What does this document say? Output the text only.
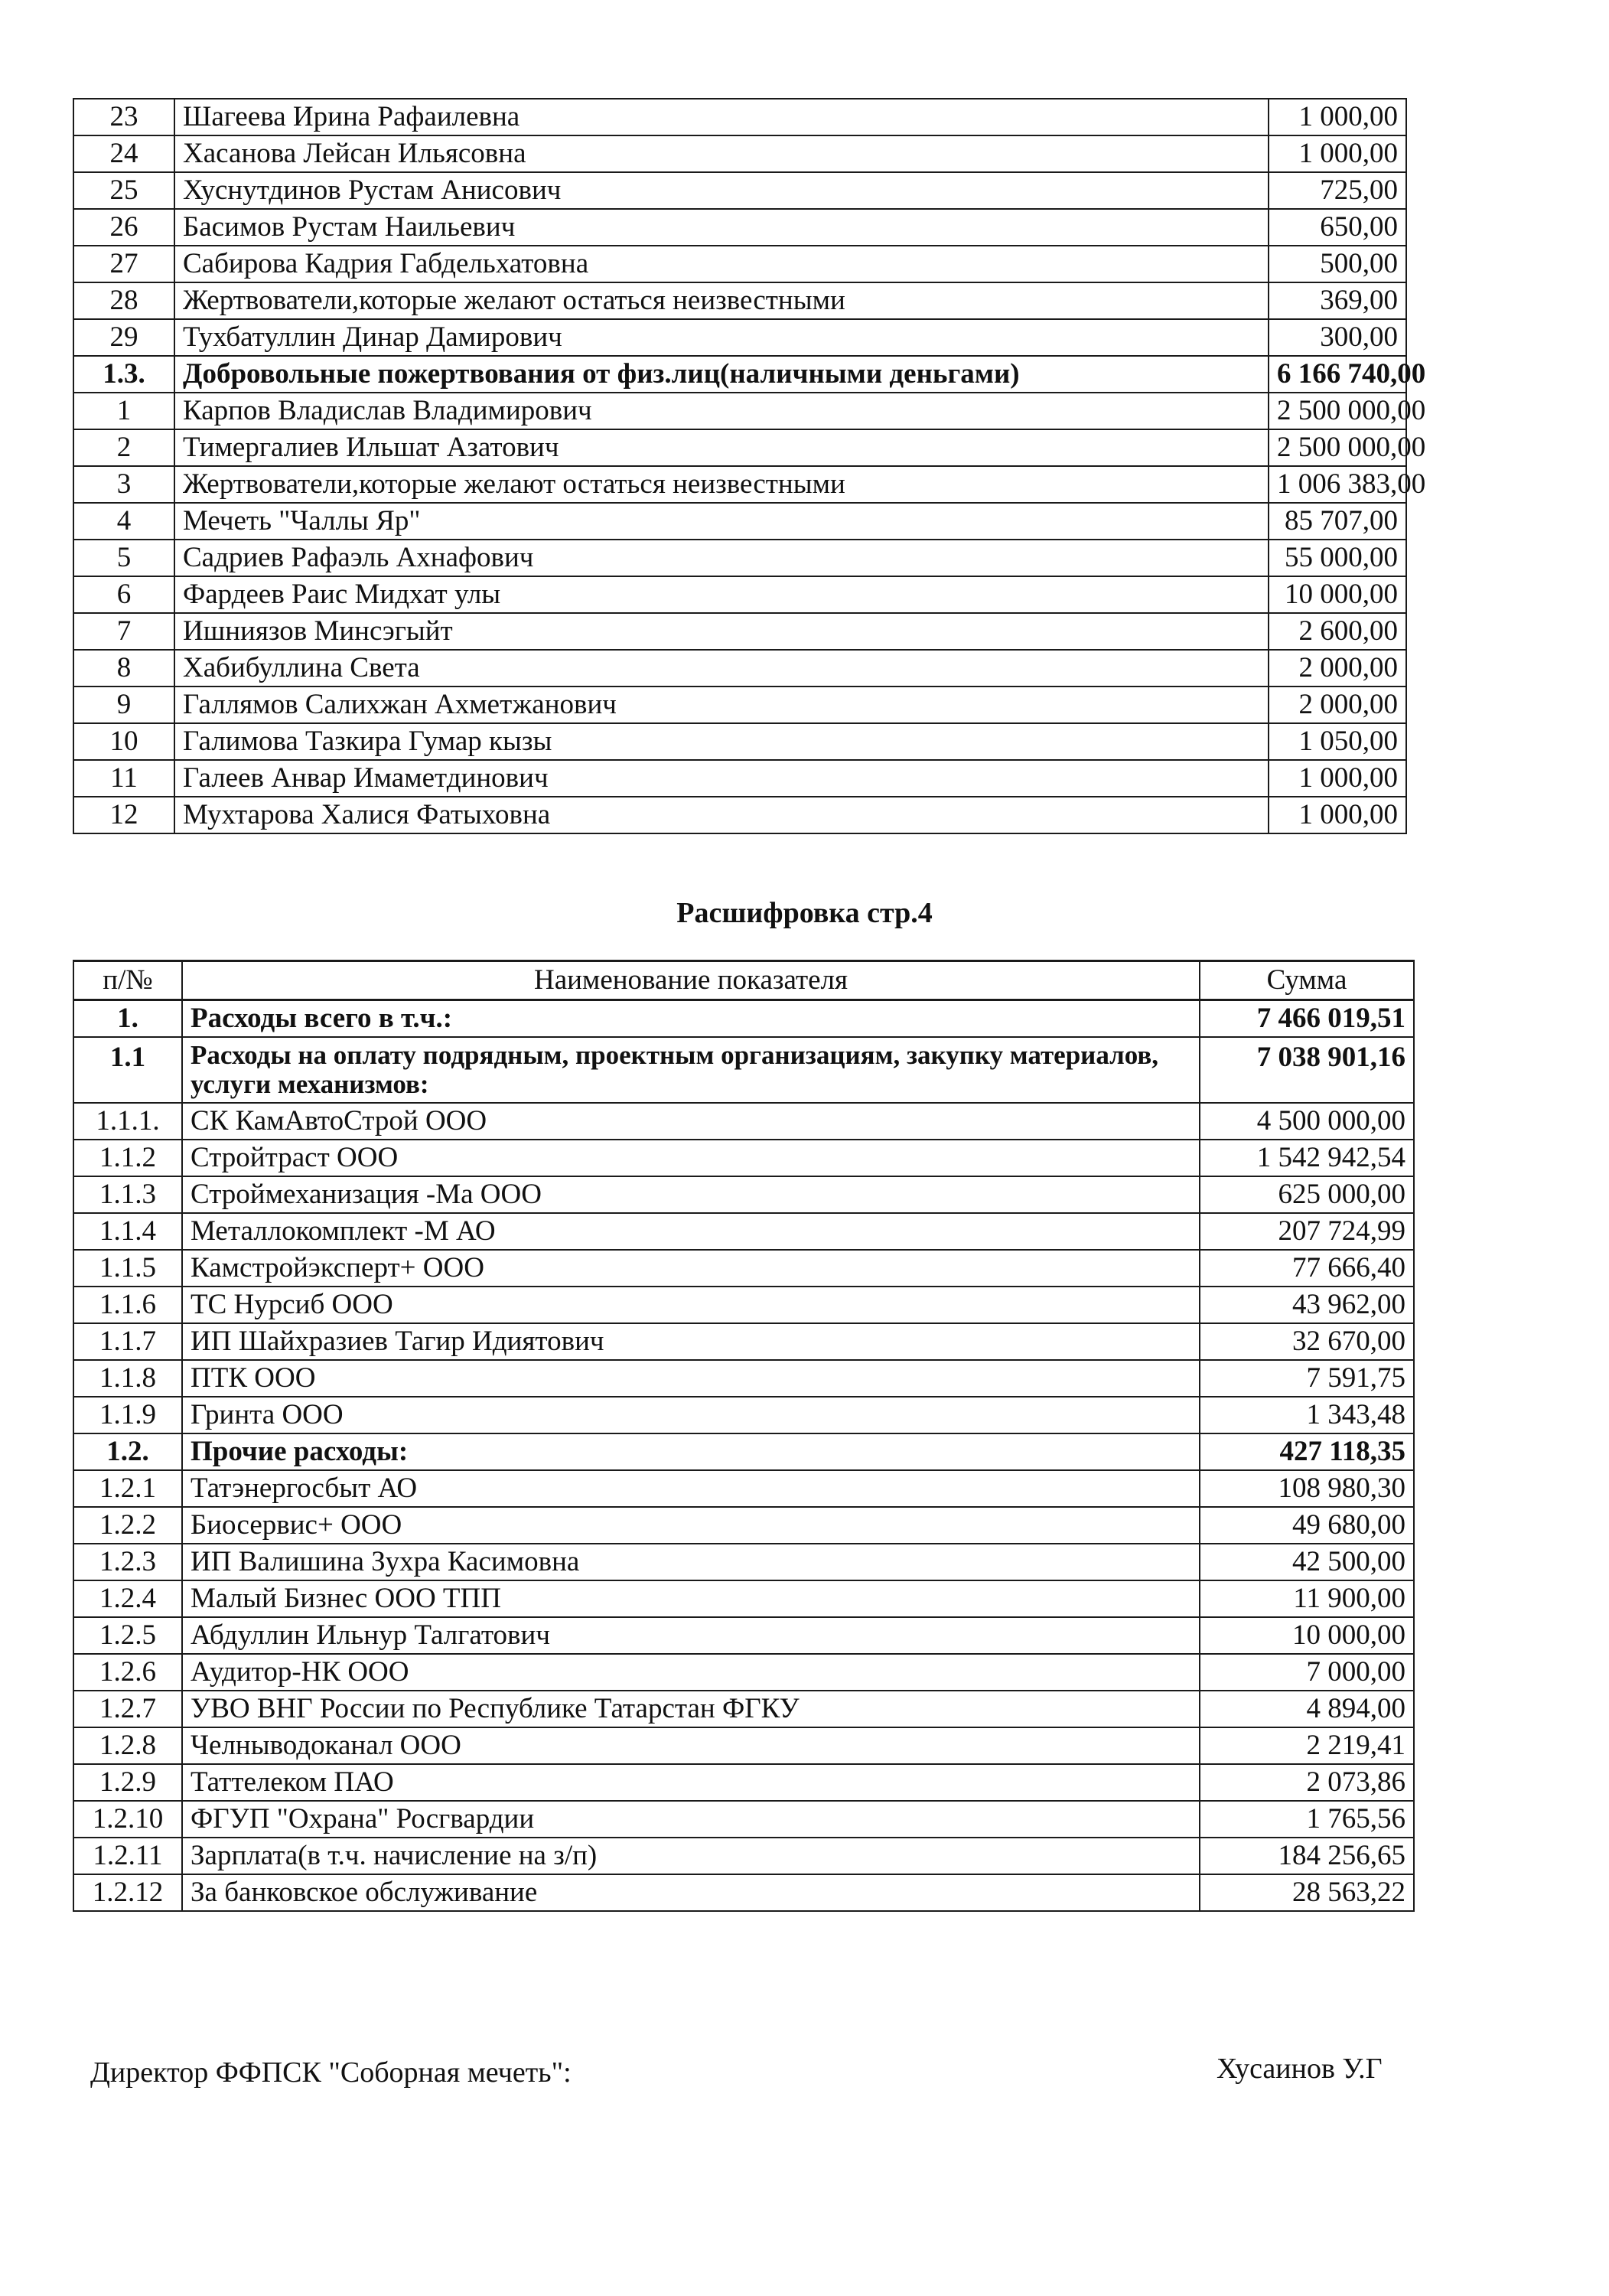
23	Шагеева Ирина Рафаилевна	1 000,00
24	Хасанова Лейсан Ильясовна	1 000,00
25	Хуснутдинов Рустам Анисович	725,00
26	Басимов Рустам Наильевич	650,00
27	Сабирова Кадрия Габдельхатовна	500,00
28	Жертвователи,которые желают остаться неизвестными	369,00
29	Тухбатуллин Динар Дамирович	300,00
1.3.	Добровольные пожертвования от физ.лиц(наличными деньгами)	6 166 740,00
1	Карпов Владислав Владимирович	2 500 000,00
2	Тимергалиев Ильшат Азатович	2 500 000,00
3	Жертвователи,которые желают остаться неизвестными	1 006 383,00
4	Мечеть "Чаллы Яр"	85 707,00
5	Садриев Рафаэль Ахнафович	55 000,00
6	Фардеев Раис Мидхат улы	10 000,00
7	Ишниязов Минсэгыйт	2 600,00
8	Хабибуллина Света	2 000,00
9	Галлямов Салихжан Ахметжанович	2 000,00
10	Галимова Тазкира Гумар кызы	1 050,00
11	Галеев Анвар Имаметдинович	1 000,00
12	Мухтарова Халися Фатыховна	1 000,00
Расшифровка стр.4
п/№	Наименование показателя	Сумма
1.	Расходы всего в т.ч.:	7 466 019,51
1.1	Расходы на оплату подрядным, проектным организациям, закупку материалов, услуги механизмов:	7 038 901,16
1.1.1.	СК КамАвтоСтрой ООО	4 500 000,00
1.1.2	Стройтраст ООО	1 542 942,54
1.1.3	Строймеханизация -Ма ООО	625 000,00
1.1.4	Металлокомплект -М АО	207 724,99
1.1.5	Камстройэксперт+ ООО	77 666,40
1.1.6	ТС Нурсиб ООО	43 962,00
1.1.7	ИП Шайхразиев Тагир Идиятович	32 670,00
1.1.8	ПТК ООО	7 591,75
1.1.9	Гринта ООО	1 343,48
1.2.	Прочие расходы:	427 118,35
1.2.1	Татэнергосбыт АО	108 980,30
1.2.2	Биосервис+ ООО	49 680,00
1.2.3	ИП Валишина Зухра Касимовна	42 500,00
1.2.4	Малый Бизнес ООО ТПП	11 900,00
1.2.5	Абдуллин Ильнур Талгатович	10 000,00
1.2.6	Аудитор-НК ООО	7 000,00
1.2.7	УВО ВНГ России по Республике Татарстан ФГКУ	4 894,00
1.2.8	Челныводоканал ООО	2 219,41
1.2.9	Таттелеком ПАО	2 073,86
1.2.10	ФГУП "Охрана" Росгвардии	1 765,56
1.2.11	Зарплата(в т.ч. начисление на з/п)	184 256,65
1.2.12	За банковское обслуживание	28 563,22
Директор ФФПСК "Соборная мечеть":	Хусаинов У.Г
